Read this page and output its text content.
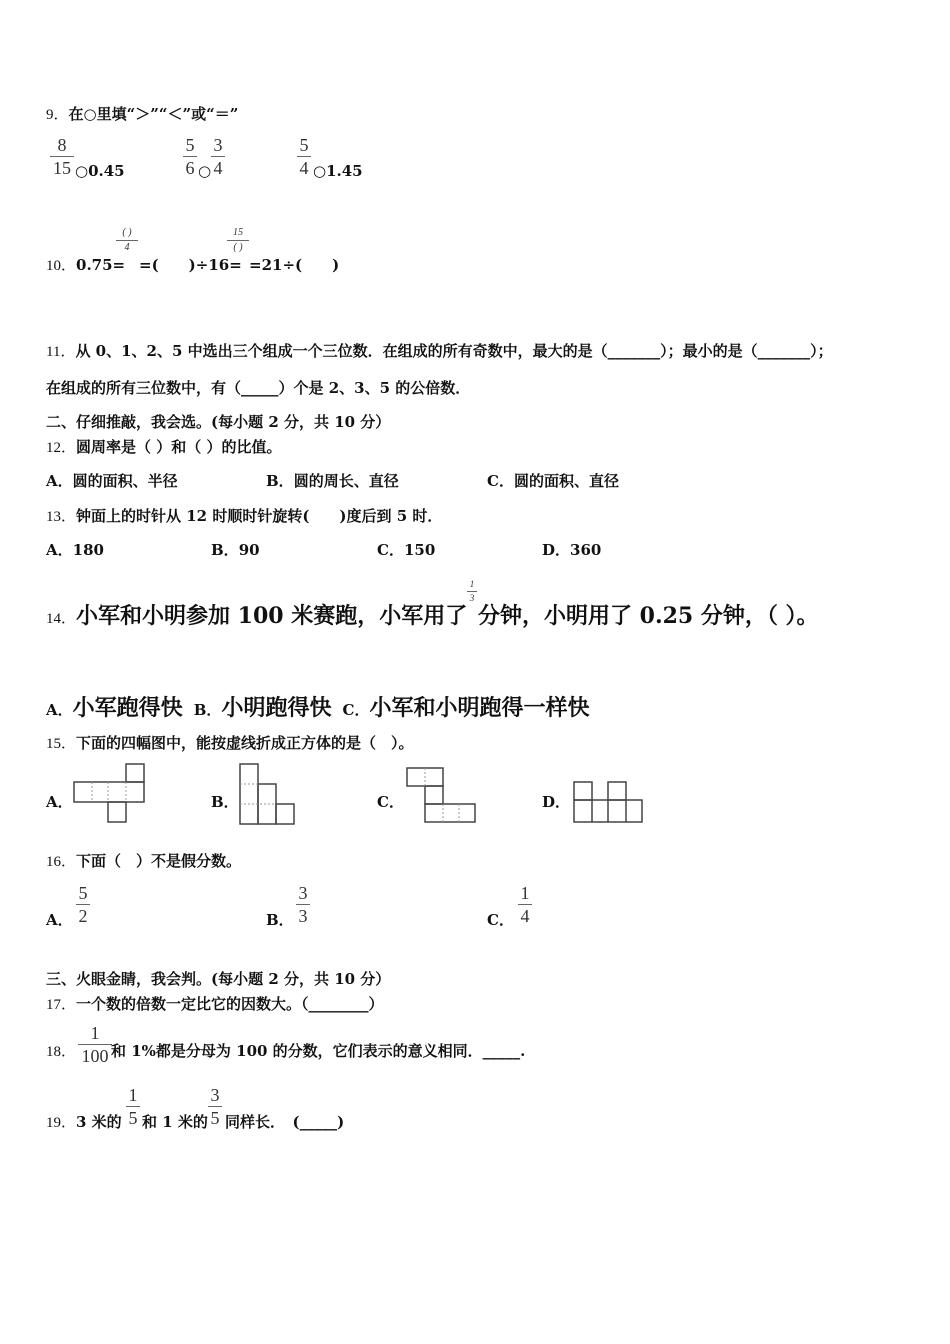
9．在○里填“＞”“＜”或“＝”
8
15 ○0.45
5
6 ○
3
4
5
4 ○1.45
10．0.75=
( )
4
=(　　)÷16=
15
( )
=21÷(　　)
11．从 0、1、2、5 中选出三个组成一个三位数．在组成的所有奇数中，最大的是（_______）；最小的是（_______）；
在组成的所有三位数中，有（_____）个是 2、3、5 的公倍数．
二、仔细推敲，我会选。(每小题 2 分，共 10 分）
12．圆周率是（ ）和（ ）的比值。
A．圆的面积、半径	B．圆的周长、直径	C．圆的面积、直径
13．钟面上的时针从 12 时顺时针旋转(　　)度后到 5 时．
A．180	B．90	C．150	D．360
14．小军和小明参加 100 米赛跑，小军用了
1
3
分钟，小明用了 0.25 分钟，（ ）。
A．小军跑得快 B．小明跑得快 C．小军和小明跑得一样快
15．下面的四幅图中，能按虚线折成正方体的是（　）。
A．	B．	C．	D．
16．下面（　）不是假分数。
A．
5
2	B．
3
3	C．
1
4
三、火眼金睛，我会判。(每小题 2 分，共 10 分）
17．一个数的倍数一定比它的因数大。（________）
18．
1
100 和 1%都是分母为 100 的分数，它们表示的意义相同．_____.
19．3 米的
1
5 和 1 米的
3
5 同样长．　(_____)
